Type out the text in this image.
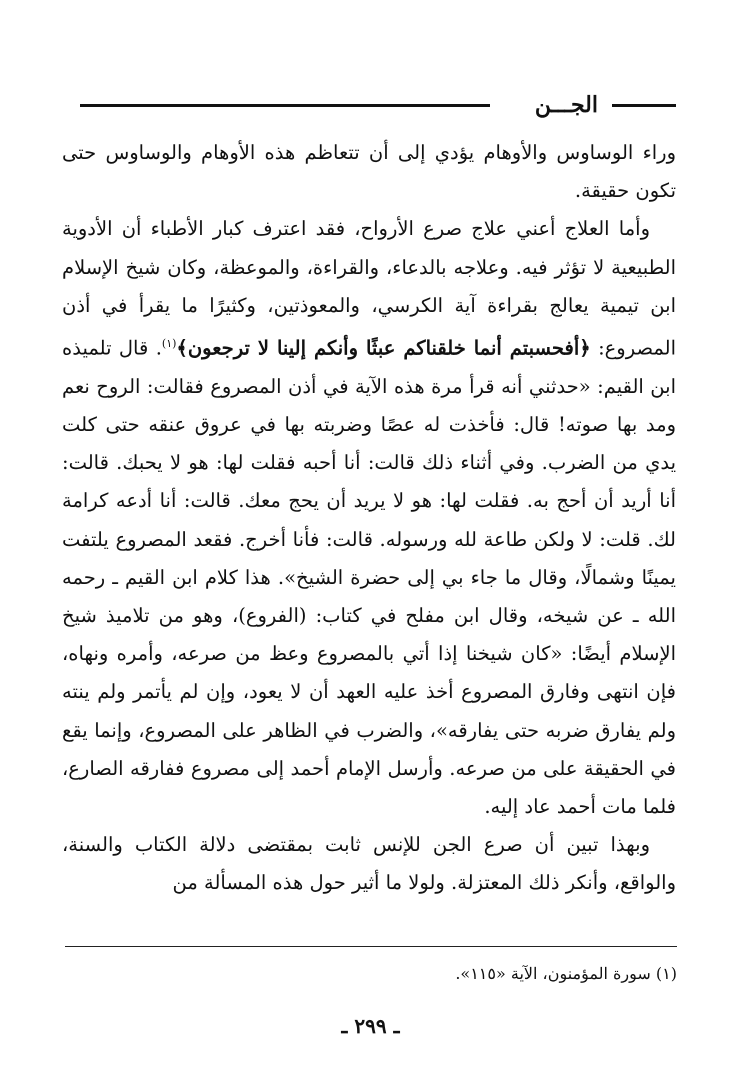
الجـــن

وراء الوساوس والأوهام يؤدي إلى أن تتعاظم هذه الأوهام والوساوس حتى تكون حقيقة.

وأما العلاج أعني علاج صرع الأرواح، فقد اعترف كبار الأطباء أن الأدوية الطبيعية لا تؤثر فيه. وعلاجه بالدعاء، والقراءة، والموعظة، وكان شيخ الإسلام ابن تيمية يعالج بقراءة آية الكرسي، والمعوذتين، وكثيرًا ما يقرأ في أذن المصروع: ﴿أفحسبتم أنما خلقناكم عبثًا وأنكم إلينا لا ترجعون﴾$^{(١)}$. قال تلميذه ابن القيم: «حدثني أنه قرأ مرة هذه الآية في أذن المصروع فقالت: الروح نعم ومد بها صوته! قال: فأخذت له عصًا وضربته بها في عروق عنقه حتى كلت يدي من الضرب. وفي أثناء ذلك قالت: أنا أحبه فقلت لها: هو لا يحبك. قالت: أنا أريد أن أحج به. فقلت لها: هو لا يريد أن يحج معك. قالت: أنا أدعه كرامة لك. قلت: لا ولكن طاعة لله ورسوله. قالت: فأنا أخرج. فقعد المصروع يلتفت يمينًا وشمالًا، وقال ما جاء بي إلى حضرة الشيخ». هذا كلام ابن القيم ـ رحمه الله ـ عن شيخه، وقال ابن مفلح في كتاب: (الفروع)، وهو من تلاميذ شيخ الإسلام أيضًا: «كان شيخنا إذا أتي بالمصروع وعظ من صرعه، وأمره ونهاه، فإن انتهى وفارق المصروع أخذ عليه العهد أن لا يعود، وإن لم يأتمر ولم ينته ولم يفارق ضربه حتى يفارقه»، والضرب في الظاهر على المصروع، وإنما يقع في الحقيقة على من صرعه. وأرسل الإمام أحمد إلى مصروع ففارقه الصارع، فلما مات أحمد عاد إليه.

وبهذا تبين أن صرع الجن للإنس ثابت بمقتضى دلالة الكتاب والسنة، والواقع، وأنكر ذلك المعتزلة. ولولا ما أثير حول هذه المسألة من

(١) سورة المؤمنون، الآية «١١٥».
ـ ٢٩٩ ـ
